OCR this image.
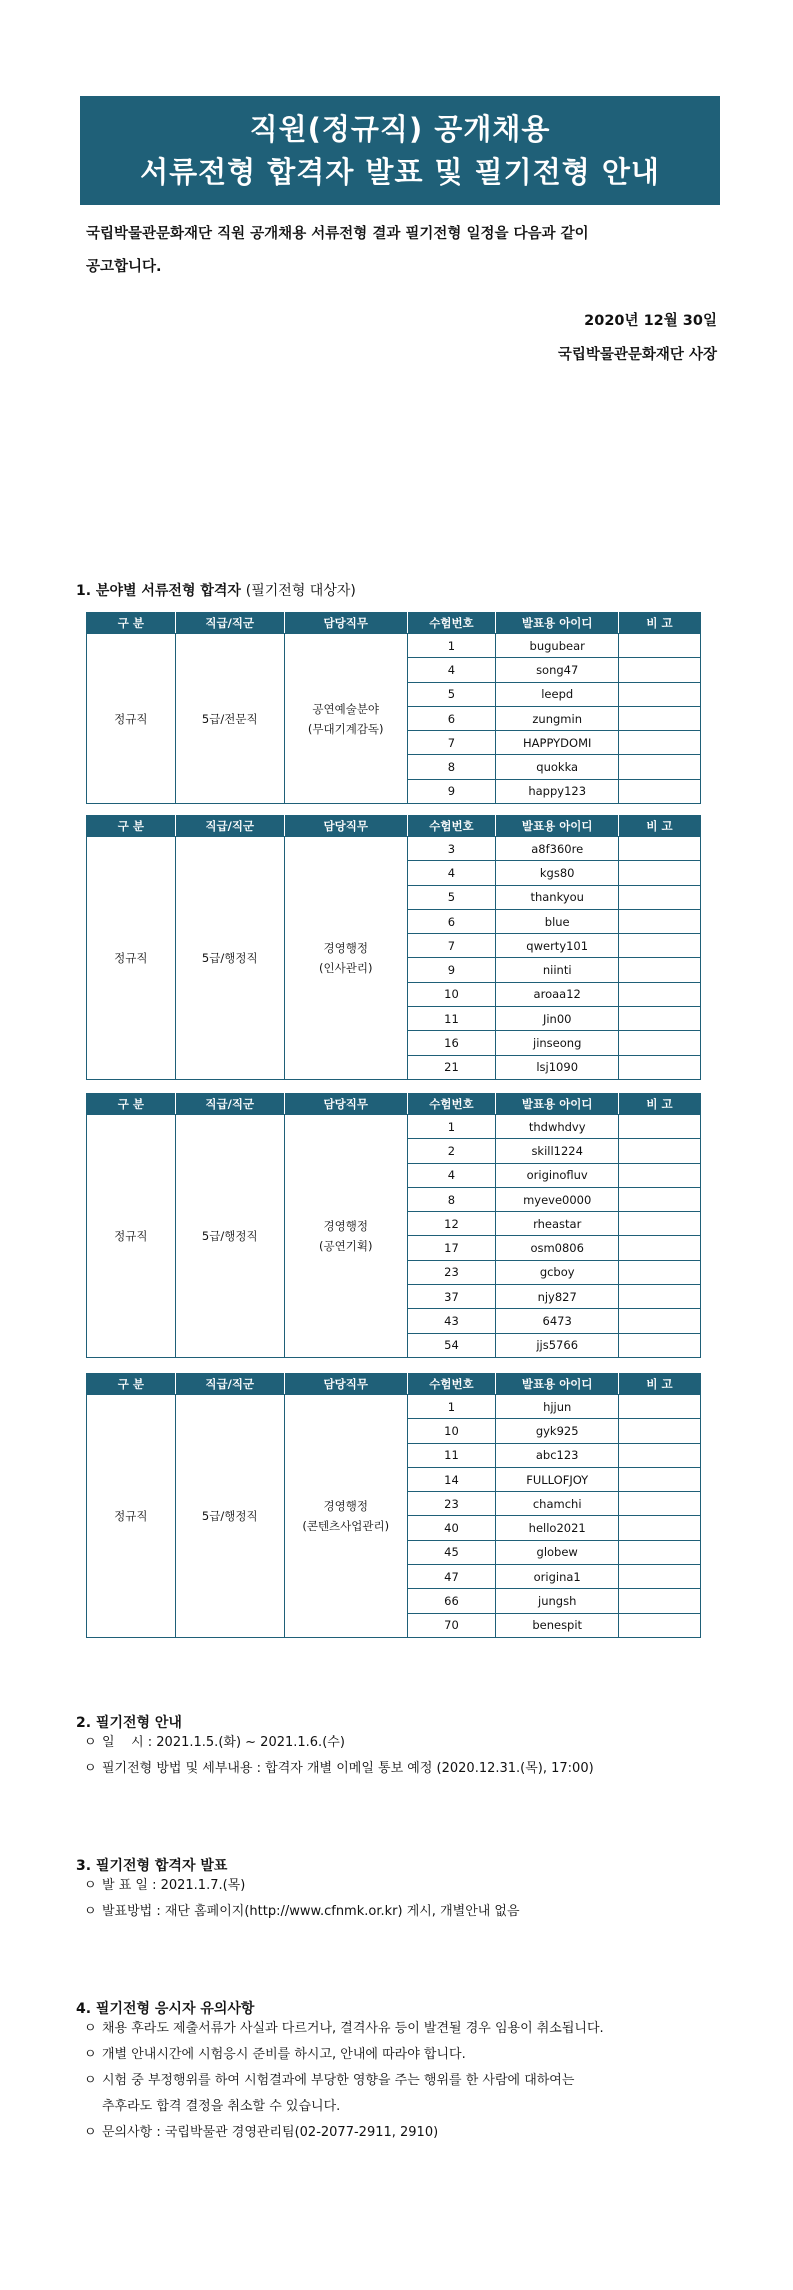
직원(정규직) 공개채용
서류전형 합격자 발표 및 필기전형 안내
국립박물관문화재단 직원 공개채용 서류전형 결과 필기전형 일정을 다음과 같이
공고합니다.
2020년 12월 30일
국립박물관문화재단 사장
1. 분야별 서류전형 합격자 (필기전형 대상자)
구 분	직급/직군	담당직무	수험번호	발표용 아이디	비 고
정규직	5급/전문직	공연예술분야
(무대기계감독)	1	bugubear	
			4	song47	
			5	leepd	
			6	zungmin	
			7	HAPPYDOMI	
			8	quokka	
			9	happy123	
구 분	직급/직군	담당직무	수험번호	발표용 아이디	비 고
정규직	5급/행정직	경영행정
(인사관리)	3	a8f360re	
			4	kgs80	
			5	thankyou	
			6	blue	
			7	qwerty101	
			9	niinti	
			10	aroaa12	
			11	Jin00	
			16	jinseong	
			21	lsj1090	
구 분	직급/직군	담당직무	수험번호	발표용 아이디	비 고
정규직	5급/행정직	경영행정
(공연기획)	1	thdwhdvy	
			2	skill1224	
			4	originofluv	
			8	myeve0000	
			12	rheastar	
			17	osm0806	
			23	gcboy	
			37	njy827	
			43	6473	
			54	jjs5766	
구 분	직급/직군	담당직무	수험번호	발표용 아이디	비 고
정규직	5급/행정직	경영행정
(콘텐츠사업관리)	1	hjjun	
			10	gyk925	
			11	abc123	
			14	FULLOFJOY	
			23	chamchi	
			40	hello2021	
			45	globew	
			47	origina1	
			66	jungsh	
			70	benespit	
2. 필기전형 안내
ㅇ 일    시 : 2021.1.5.(화) ~ 2021.1.6.(수)
ㅇ 필기전형 방법 및 세부내용 : 합격자 개별 이메일 통보 예정 (2020.12.31.(목), 17:00)
3. 필기전형 합격자 발표
ㅇ 발 표 일 : 2021.1.7.(목)
ㅇ 발표방법 : 재단 홈페이지(http://www.cfnmk.or.kr) 게시, 개별안내 없음
4. 필기전형 응시자 유의사항
ㅇ 채용 후라도 제출서류가 사실과 다르거나, 결격사유 등이 발견될 경우 임용이 취소됩니다.
ㅇ 개별 안내시간에 시험응시 준비를 하시고, 안내에 따라야 합니다.
ㅇ 시험 중 부정행위를 하여 시험결과에 부당한 영향을 주는 행위를 한 사람에 대하여는
추후라도 합격 결정을 취소할 수 있습니다.
ㅇ 문의사항 : 국립박물관 경영관리팀(02-2077-2911, 2910)
